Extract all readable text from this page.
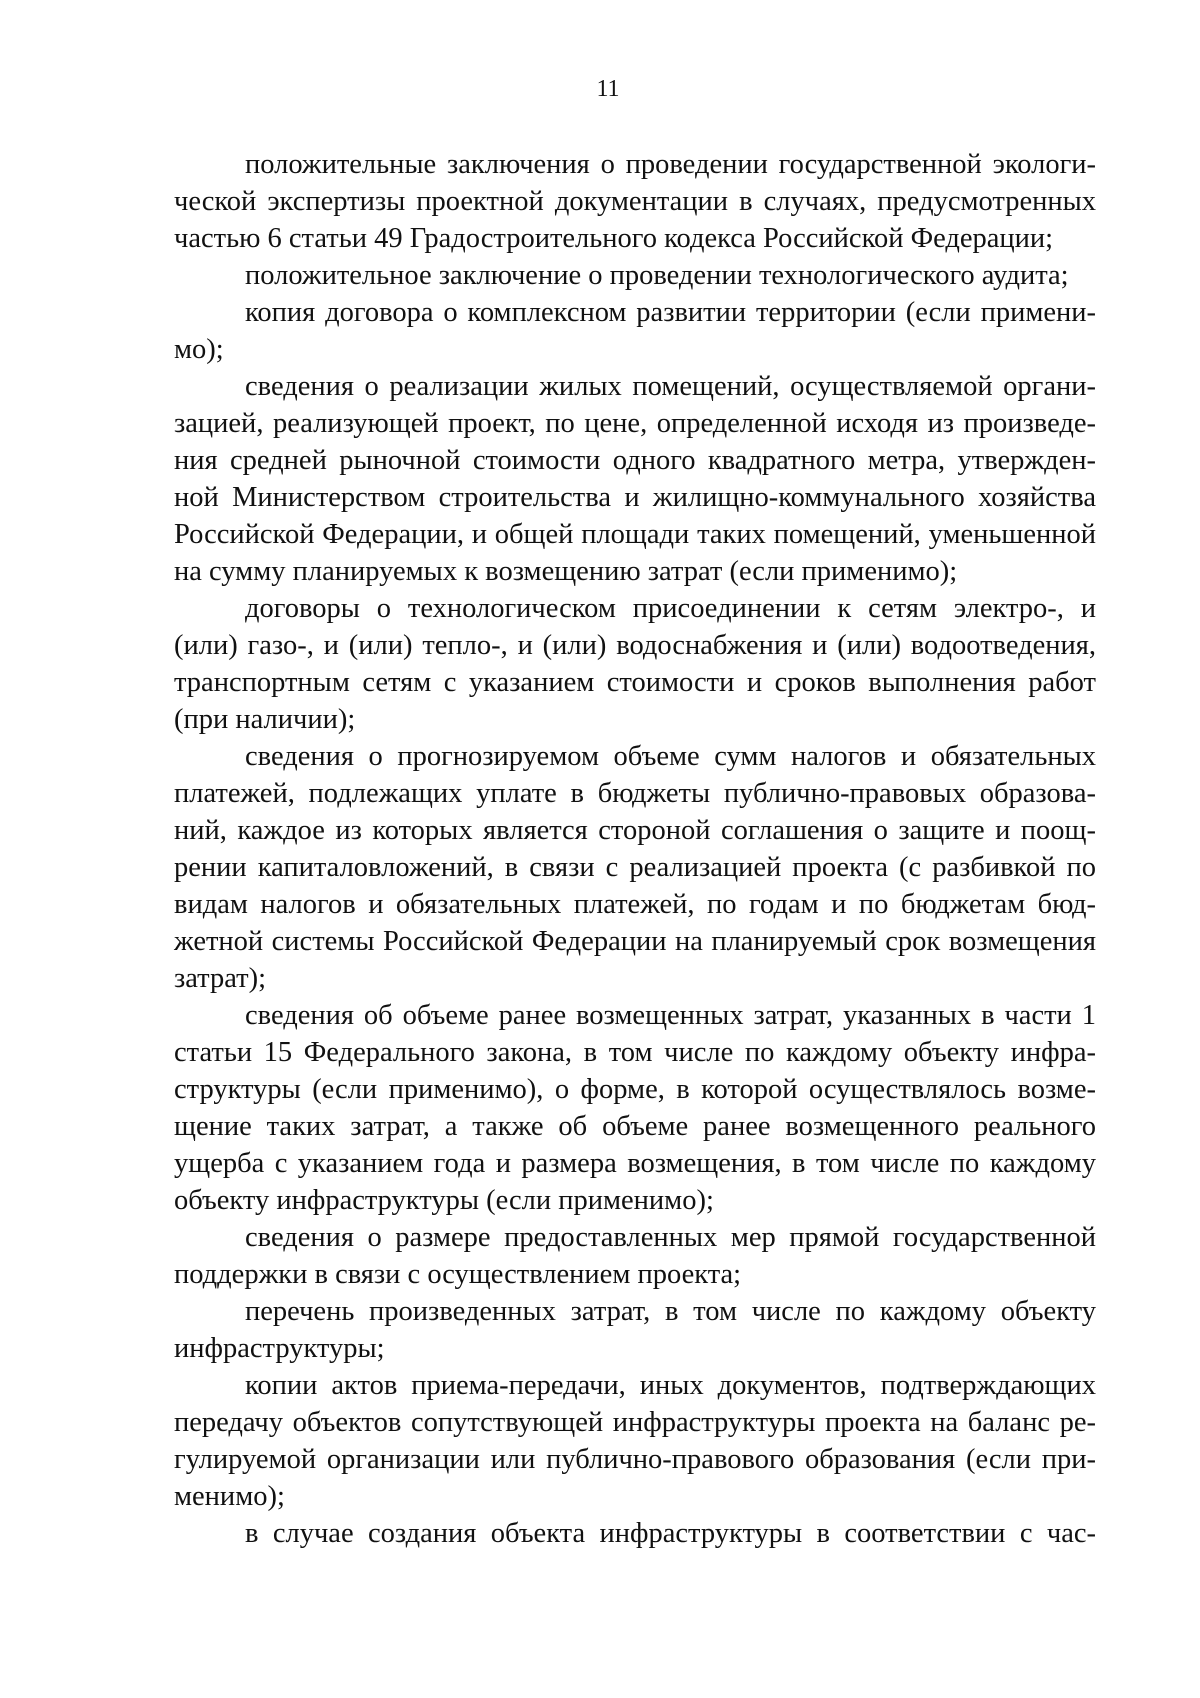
11

положительные заключения о проведении государственной экологи-
ческой экспертизы проектной документации в случаях, предусмотренных
частью 6 статьи 49 Градостроительного кодекса Российской Федерации;

положительное заключение о проведении технологического аудита;

копия договора о комплексном развитии территории (если примени-
мо);

сведения о реализации жилых помещений, осуществляемой органи-
зацией, реализующей проект, по цене, определенной исходя из произведе-
ния средней рыночной стоимости одного квадратного метра, утвержден-
ной Министерством строительства и жилищно-коммунального хозяйства
Российской Федерации, и общей площади таких помещений, уменьшенной
на сумму планируемых к возмещению затрат (если применимо);

договоры о технологическом присоединении к сетям электро-, и
(или) газо-, и (или) тепло-, и (или) водоснабжения и (или) водоотведения,
транспортным сетям с указанием стоимости и сроков выполнения работ
(при наличии);

сведения о прогнозируемом объеме сумм налогов и обязательных
платежей, подлежащих уплате в бюджеты публично-правовых образова-
ний, каждое из которых является стороной соглашения о защите и поощ-
рении капиталовложений, в связи с реализацией проекта (с разбивкой по
видам налогов и обязательных платежей, по годам и по бюджетам бюд-
жетной системы Российской Федерации на планируемый срок возмещения
затрат);

сведения об объеме ранее возмещенных затрат, указанных в части 1
статьи 15 Федерального закона, в том числе по каждому объекту инфра-
структуры (если применимо), о форме, в которой осуществлялось возме-
щение таких затрат, а также об объеме ранее возмещенного реального
ущерба с указанием года и размера возмещения, в том числе по каждому
объекту инфраструктуры (если применимо);

сведения о размере предоставленных мер прямой государственной
поддержки в связи с осуществлением проекта;

перечень произведенных затрат, в том числе по каждому объекту
инфраструктуры;

копии актов приема-передачи, иных документов, подтверждающих
передачу объектов сопутствующей инфраструктуры проекта на баланс ре-
гулируемой организации или публично-правового образования (если при-
менимо);

в случае создания объекта инфраструктуры в соответствии с час-
